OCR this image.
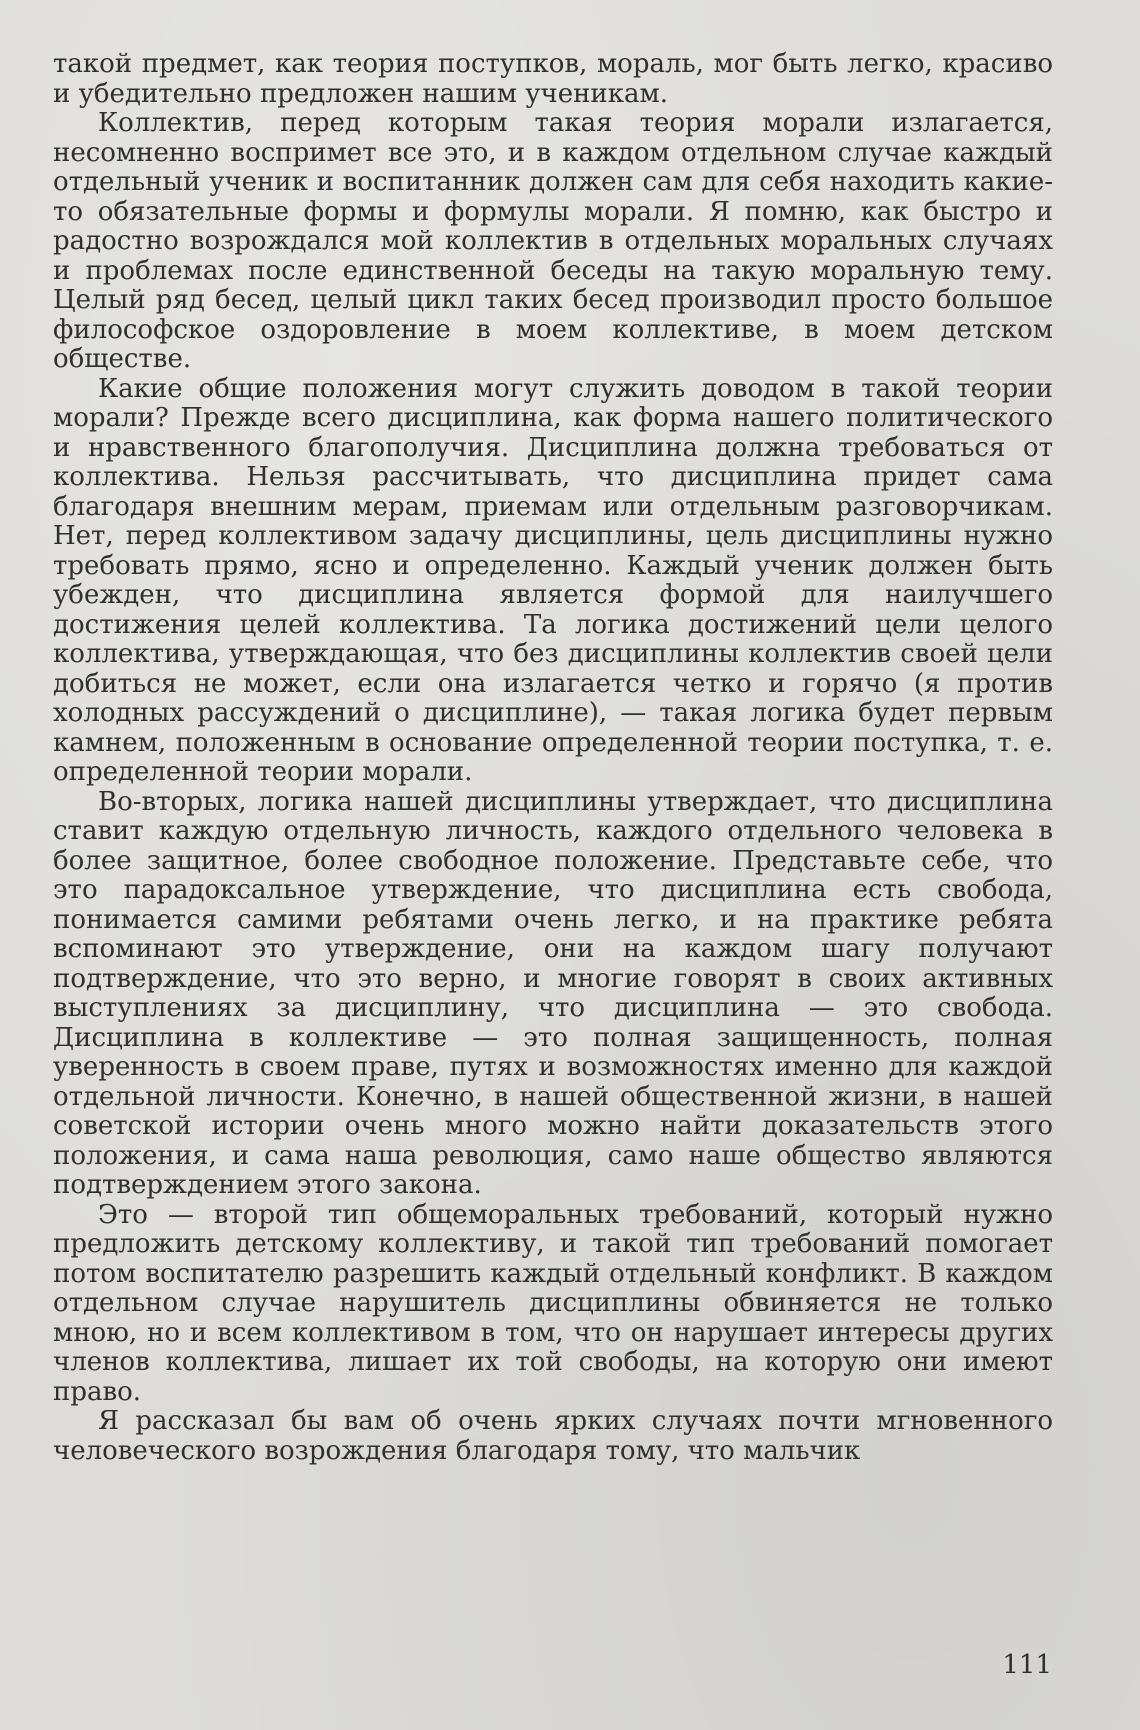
такой предмет, как теория поступков, мораль, мог быть легко, красиво и убедительно предложен нашим ученикам.

Коллектив, перед которым такая теория морали излагается, несомненно воспримет все это, и в каждом отдельном случае каждый отдельный ученик и воспитанник должен сам для себя находить какие-то обязательные формы и формулы морали. Я помню, как быстро и радостно возрождался мой коллектив в отдельных моральных случаях и проблемах после единственной беседы на такую моральную тему. Целый ряд бесед, целый цикл таких бесед производил просто большое философское оздоровление в моем коллективе, в моем детском обществе.

Какие общие положения могут служить доводом в такой теории морали? Прежде всего дисциплина, как форма нашего политического и нравственного благополучия. Дисциплина должна требоваться от коллектива. Нельзя рассчитывать, что дисциплина придет сама благодаря внешним мерам, приемам или отдельным разговорчикам. Нет, перед коллективом задачу дисциплины, цель дисциплины нужно требовать прямо, ясно и определенно. Каждый ученик должен быть убежден, что дисциплина является формой для наилучшего достижения целей коллектива. Та логика достижений цели целого коллектива, утверждающая, что без дисциплины коллектив своей цели добиться не может, если она излагается четко и горячо (я против холодных рассуждений о дисциплине), — такая логика будет первым камнем, положенным в основание определенной теории поступка, т. е. определенной теории морали.

Во-вторых, логика нашей дисциплины утверждает, что дисциплина ставит каждую отдельную личность, каждого отдельного человека в более защитное, более свободное положение. Представьте себе, что это парадоксальное утверждение, что дисциплина есть свобода, понимается самими ребятами очень легко, и на практике ребята вспоминают это утверждение, они на каждом шагу получают подтверждение, что это верно, и многие говорят в своих активных выступлениях за дисциплину, что дисциплина — это свобода. Дисциплина в коллективе — это полная защищенность, полная уверенность в своем праве, путях и возможностях именно для каждой отдельной личности. Конечно, в нашей общественной жизни, в нашей советской истории очень много можно найти доказательств этого положения, и сама наша революция, само наше общество являются подтверждением этого закона.

Это — второй тип общеморальных требований, который нужно предложить детскому коллективу, и такой тип требований помогает потом воспитателю разрешить каждый отдельный конфликт. В каждом отдельном случае нарушитель дисциплины обвиняется не только мною, но и всем коллективом в том, что он нарушает интересы других членов коллектива, лишает их той свободы, на которую они имеют право.

Я рассказал бы вам об очень ярких случаях почти мгновенного человеческого возрождения благодаря тому, что мальчик

111
